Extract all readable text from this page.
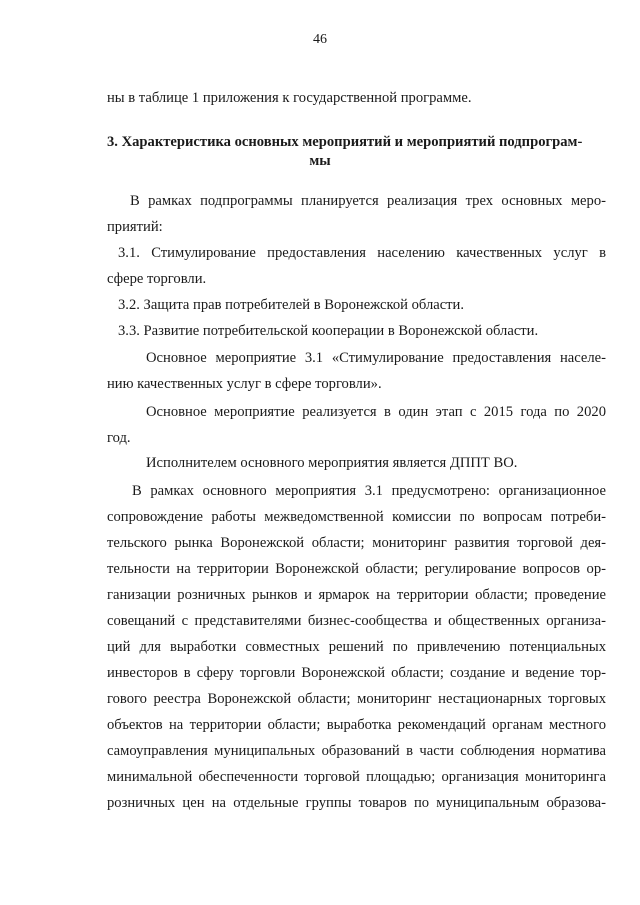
46
ны в таблице 1 приложения к государственной программе.
3. Характеристика основных мероприятий и мероприятий подпрограм-
мы
В рамках подпрограммы планируется реализация трех основных меро-
приятий:
3.1. Стимулирование предоставления населению качественных услуг в
сфере торговли.
3.2. Защита прав потребителей в Воронежской области.
3.3. Развитие потребительской кооперации в Воронежской области.
Основное мероприятие 3.1 «Стимулирование предоставления населе-
нию качественных услуг в сфере торговли».
Основное мероприятие реализуется в один этап с 2015 года по 2020
год.
Исполнителем основного мероприятия является ДППТ ВО.
В рамках основного мероприятия 3.1 предусмотрено: организационное
сопровождение работы межведомственной комиссии по вопросам потреби-
тельского рынка Воронежской области; мониторинг развития торговой дея-
тельности на территории Воронежской области; регулирование вопросов ор-
ганизации розничных рынков и ярмарок на территории области; проведение
совещаний с представителями бизнес-сообщества и общественных организа-
ций для выработки совместных решений по привлечению потенциальных
инвесторов в сферу торговли Воронежской области; создание и ведение тор-
гового реестра Воронежской области; мониторинг нестационарных торговых
объектов на территории области; выработка рекомендаций органам местного
самоуправления муниципальных образований в части соблюдения норматива
минимальной обеспеченности торговой площадью; организация мониторинга
розничных цен на отдельные группы товаров по муниципальным образова-
